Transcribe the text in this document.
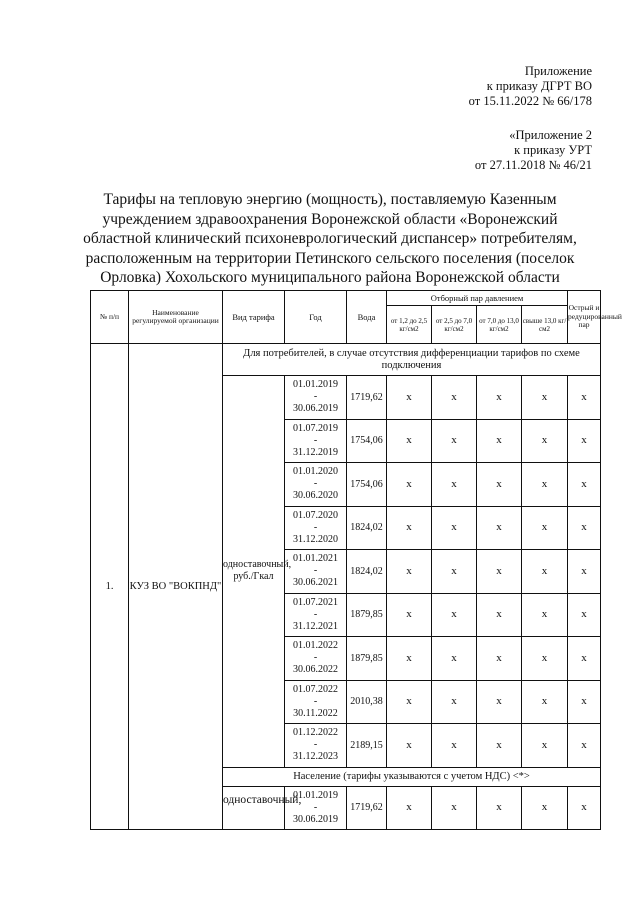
Приложение
к приказу ДГРТ ВО
от 15.11.2022 № 66/178
«Приложение 2
к приказу УРТ
от 27.11.2018 № 46/21
Тарифы на тепловую энергию (мощность), поставляемую Казенным
учреждением здравоохранения Воронежской области «Воронежский
областной клинический психоневрологический диспансер» потребителям,
расположенным на территории Петинского сельского поселения (поселок
Орловка) Хохольского муниципального района Воронежской области
№ п/п	Наименование регулируемой организации	Вид тарифа	Год	Вода	Отборный пар давлением				Острый и редуцированный пар
					от 1,2 до 2,5 кг/см2	от 2,5 до 7,0 кг/см2	от 7,0 до 13,0 кг/см2	свыше 13,0 кг/см2	
1.	КУЗ ВО "ВОКПНД"	Для потребителей, в случае отсутствия дифференциации тарифов по схеме подключения							
		одноставочный, руб./Гкал	01.01.2019
-
30.06.2019	1719,62	x	x	x	x	x

			01.07.2019
-
31.12.2019	1754,06	x	x	x	x	x

			01.01.2020
-
30.06.2020	1754,06	x	x	x	x	x

			01.07.2020
-
31.12.2020	1824,02	x	x	x	x	x

			01.01.2021
-
30.06.2021	1824,02	x	x	x	x	x

			01.07.2021
-
31.12.2021	1879,85	x	x	x	x	x

			01.01.2022
-
30.06.2022	1879,85	x	x	x	x	x

			01.07.2022
-
30.11.2022	2010,38	x	x	x	x	x

			01.12.2022
-
31.12.2023	2189,15	x	x	x	x	x
		Население (тарифы указываются с учетом НДС) <*>							
		одноставочный,	01.01.2019
-
30.06.2019	1719,62	x	x	x	x	x
